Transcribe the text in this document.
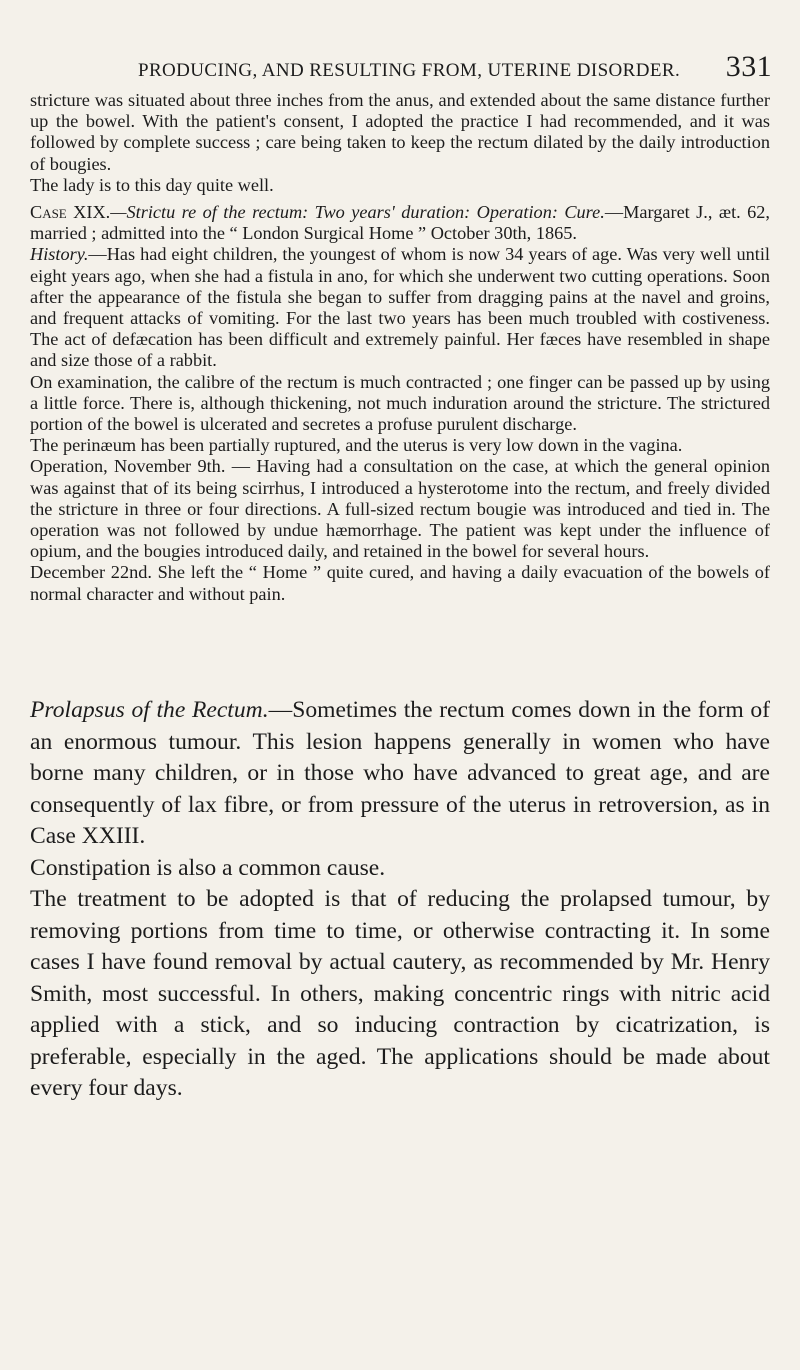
PRODUCING, AND RESULTING FROM, UTERINE DISORDER. 331

stricture was situated about three inches from the anus, and extended about the same distance further up the bowel. With the patient's consent, I adopted the practice I had recommended, and it was followed by complete success ; care being taken to keep the rectum dilated by the daily introduction of bougies.

The lady is to this day quite well.

Case XIX.—Strictu re of the rectum: Two years' duration: Operation: Cure.—Margaret J., æt. 62, married ; admitted into the “ London Surgical Home ” October 30th, 1865.

History.—Has had eight children, the youngest of whom is now 34 years of age. Was very well until eight years ago, when she had a fistula in ano, for which she underwent two cutting operations. Soon after the appearance of the fistula she began to suffer from dragging pains at the navel and groins, and frequent attacks of vomiting. For the last two years has been much troubled with costiveness. The act of defæcation has been difficult and extremely painful. Her fæces have resembled in shape and size those of a rabbit.

On examination, the calibre of the rectum is much contracted ; one finger can be passed up by using a little force. There is, although thickening, not much induration around the stricture. The strictured portion of the bowel is ulcerated and secretes a profuse purulent discharge.

The perinæum has been partially ruptured, and the uterus is very low down in the vagina.

Operation, November 9th. — Having had a consultation on the case, at which the general opinion was against that of its being scirrhus, I introduced a hysterotome into the rectum, and freely divided the stricture in three or four directions. A full-sized rectum bougie was introduced and tied in. The operation was not followed by undue hæmorrhage. The patient was kept under the influence of opium, and the bougies introduced daily, and retained in the bowel for several hours.

December 22nd. She left the “ Home ” quite cured, and having a daily evacuation of the bowels of normal character and without pain.

Prolapsus of the Rectum.—Sometimes the rectum comes down in the form of an enormous tumour. This lesion happens generally in women who have borne many children, or in those who have advanced to great age, and are consequently of lax fibre, or from pressure of the uterus in retroversion, as in Case XXIII.

Constipation is also a common cause.

The treatment to be adopted is that of reducing the prolapsed tumour, by removing portions from time to time, or otherwise contracting it. In some cases I have found removal by actual cautery, as recommended by Mr. Henry Smith, most successful. In others, making concentric rings with nitric acid applied with a stick, and so inducing contraction by cicatrization, is preferable, especially in the aged. The applications should be made about every four days.
